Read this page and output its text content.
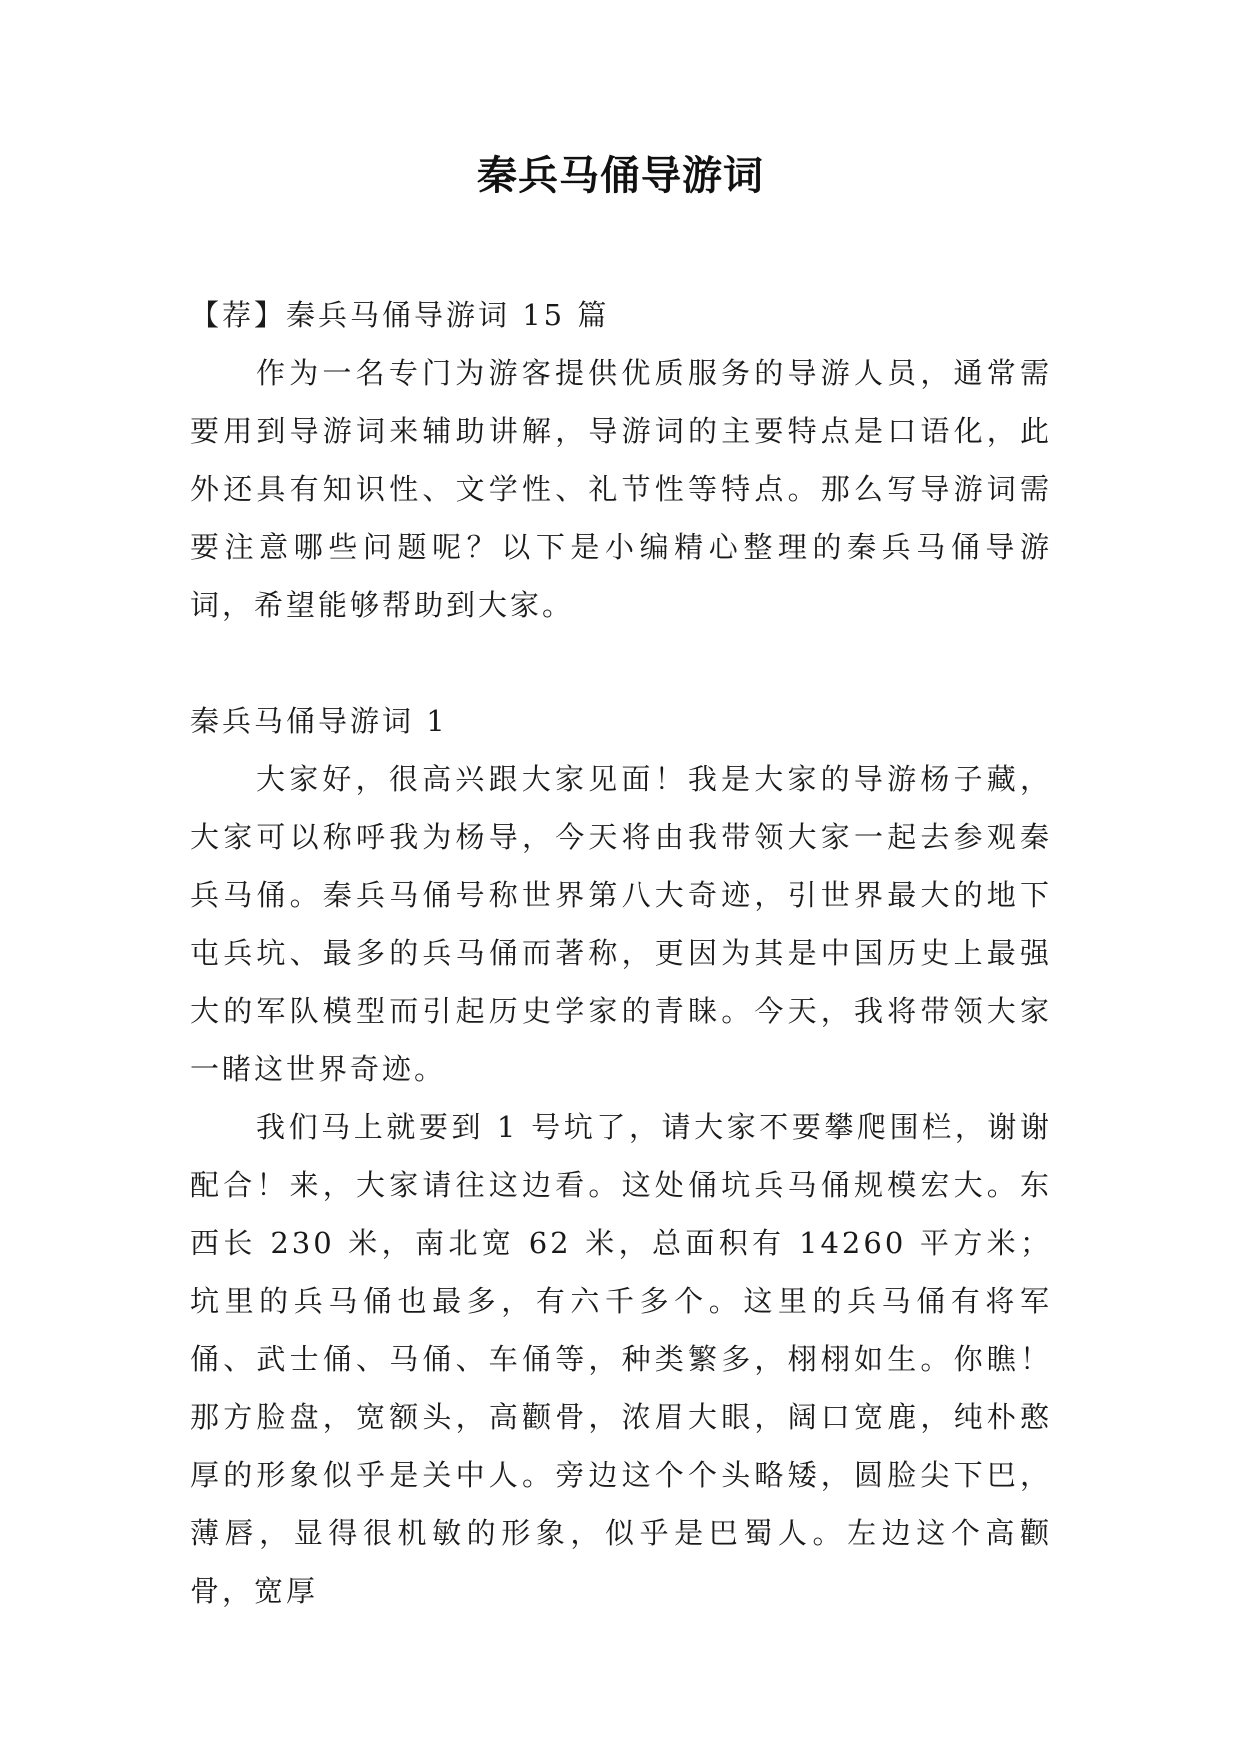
秦兵马俑导游词

【荐】秦兵马俑导游词 15 篇

作为一名专门为游客提供优质服务的导游人员，通常需要用到导游词来辅助讲解，导游词的主要特点是口语化，此外还具有知识性、文学性、礼节性等特点。那么写导游词需要注意哪些问题呢？以下是小编精心整理的秦兵马俑导游词，希望能够帮助到大家。

秦兵马俑导游词 1

大家好，很高兴跟大家见面！我是大家的导游杨子藏，大家可以称呼我为杨导，今天将由我带领大家一起去参观秦兵马俑。秦兵马俑号称世界第八大奇迹，引世界最大的地下屯兵坑、最多的兵马俑而著称，更因为其是中国历史上最强大的军队模型而引起历史学家的青睐。今天，我将带领大家一睹这世界奇迹。

我们马上就要到 1 号坑了，请大家不要攀爬围栏，谢谢配合！来，大家请往这边看。这处俑坑兵马俑规模宏大。东西长 230 米，南北宽 62 米，总面积有 14260 平方米；坑里的兵马俑也最多，有六千多个。这里的兵马俑有将军俑、武士俑、马俑、车俑等，种类繁多，栩栩如生。你瞧！那方脸盘，宽额头，高颧骨，浓眉大眼，阔口宽鹿，纯朴憨厚的形象似乎是关中人。旁边这个个头略矮，圆脸尖下巴，薄唇，显得很机敏的形象，似乎是巴蜀人。左边这个高颧骨，宽厚
